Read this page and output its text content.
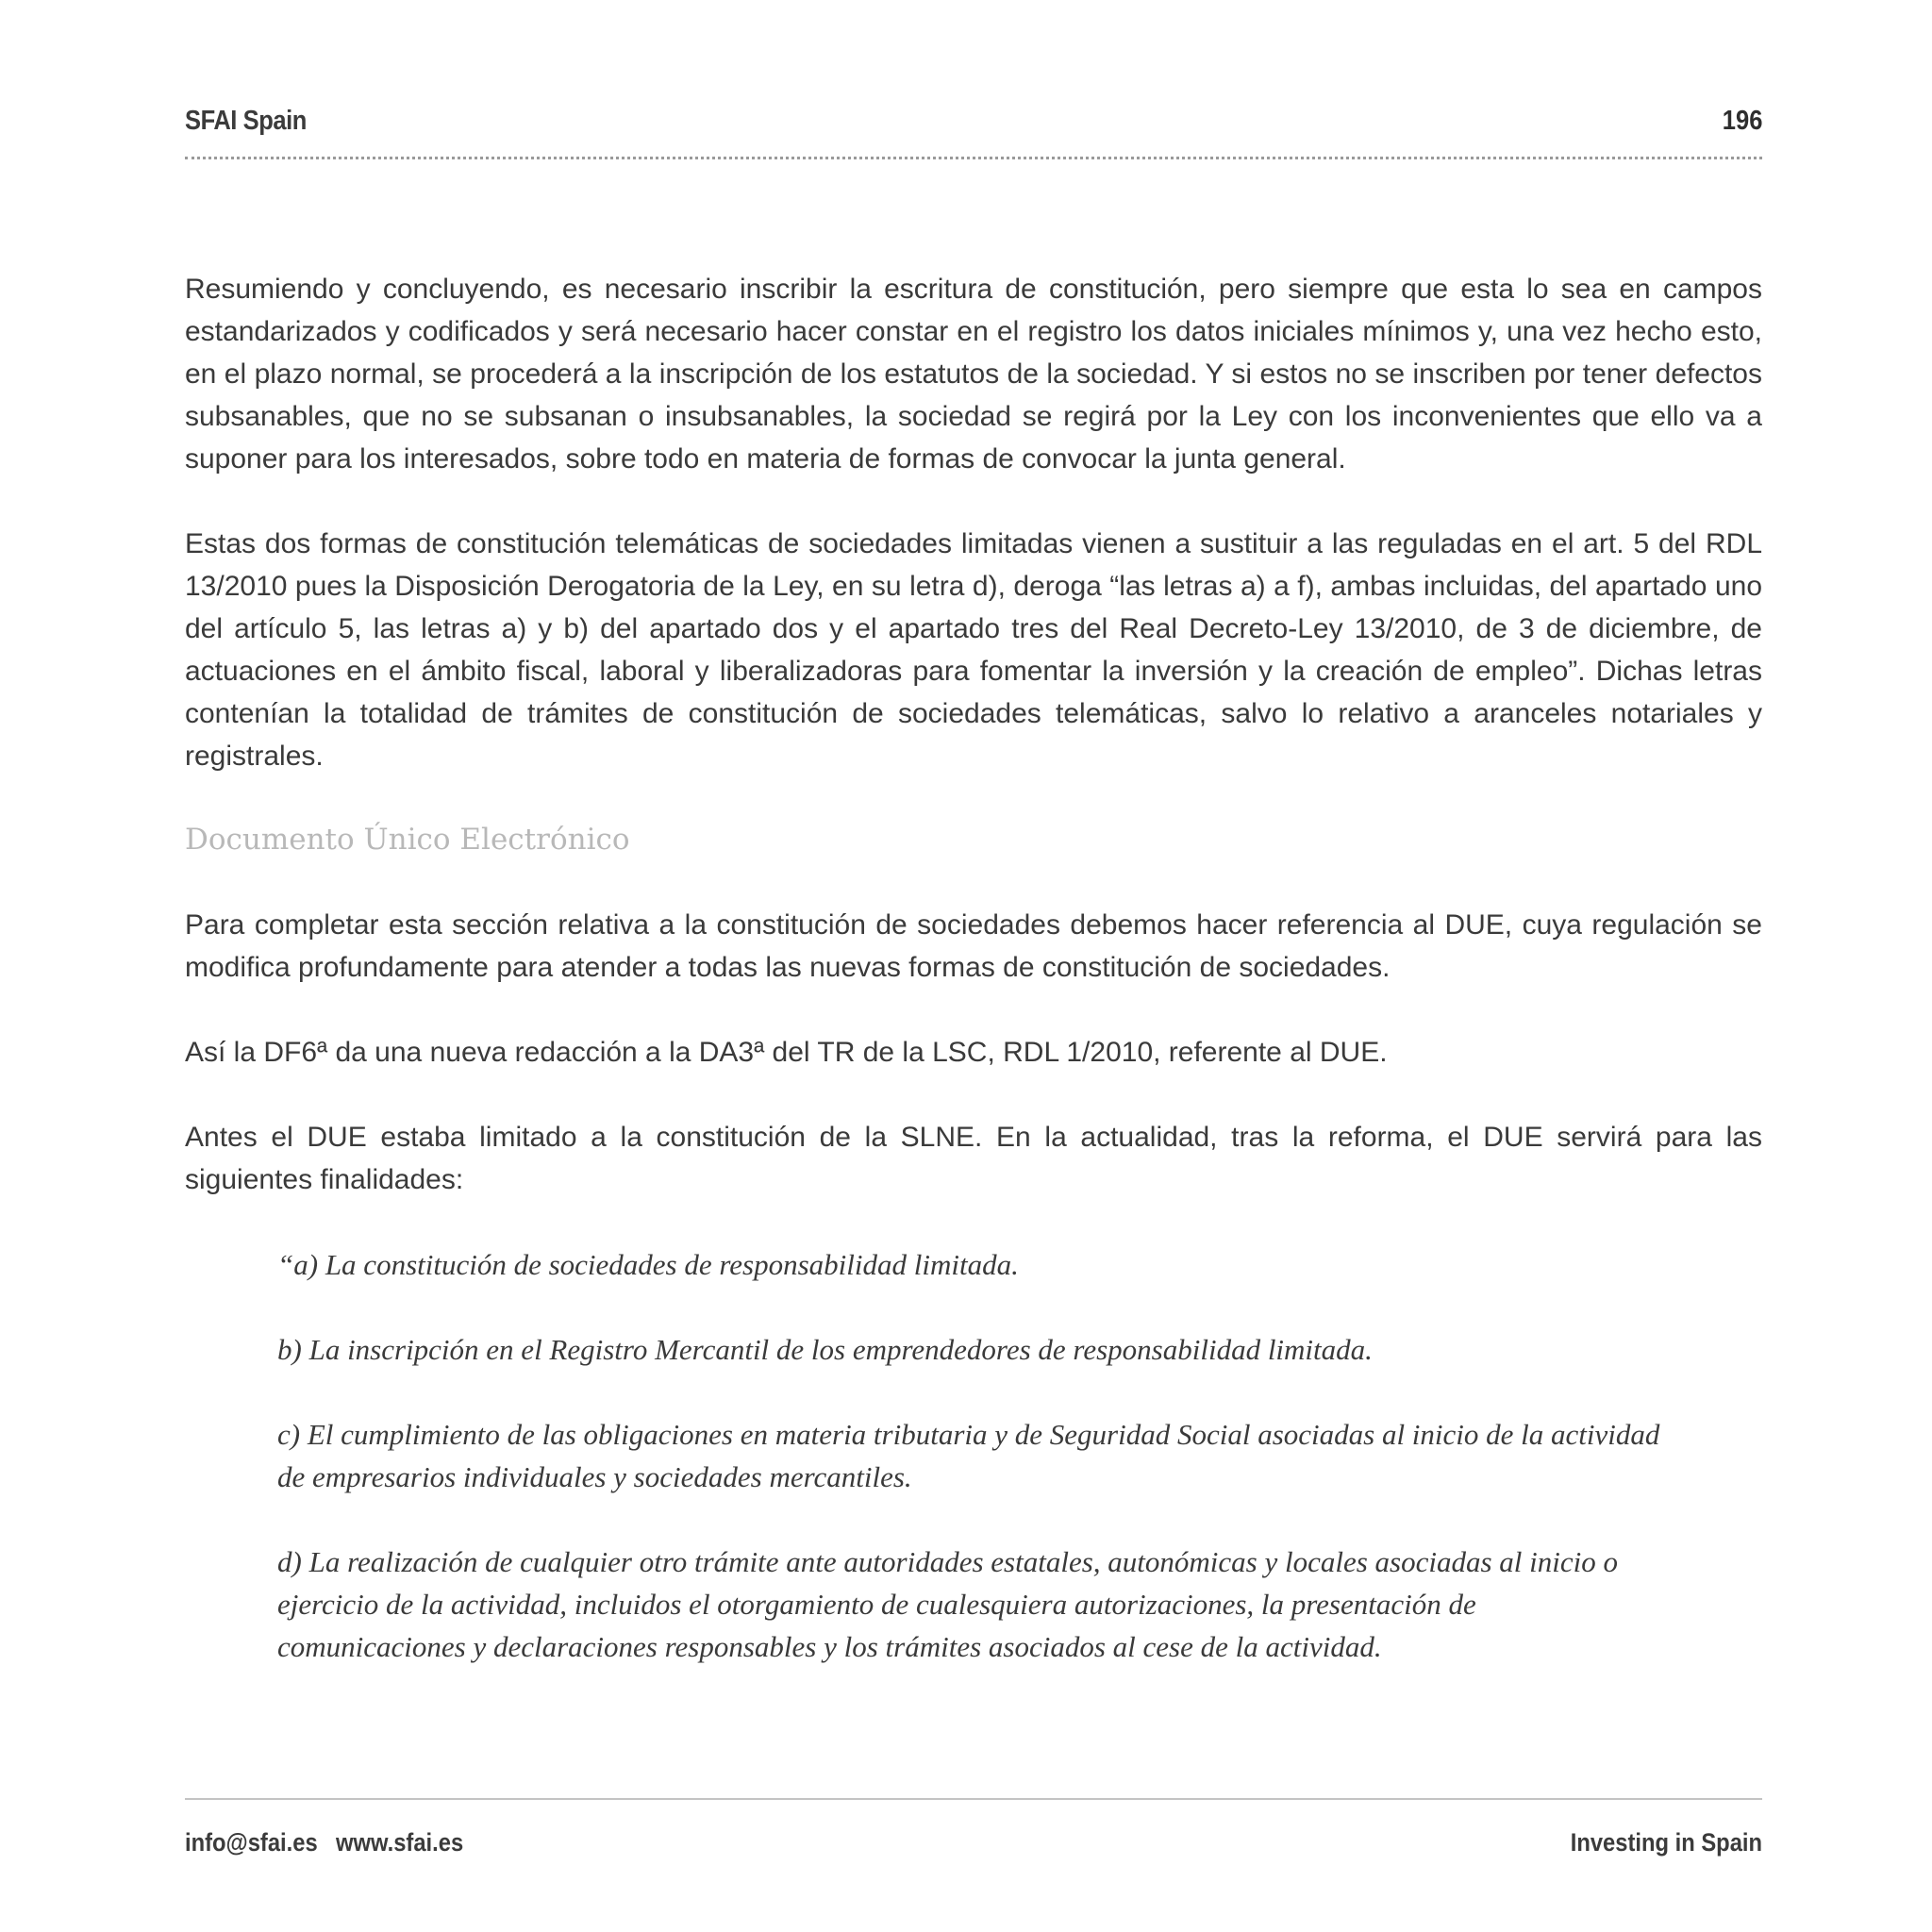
SFAI Spain	196

Resumiendo y concluyendo, es necesario inscribir la escritura de constitución, pero siempre que esta lo sea en campos estandarizados y codificados y será necesario hacer constar en el registro los datos iniciales mínimos y, una vez hecho esto, en el plazo normal, se procederá a la inscripción de los estatutos de la sociedad. Y si estos no se inscriben por tener defectos subsanables, que no se subsanan o insubsanables, la sociedad se regirá por la Ley con los inconvenientes que ello va a suponer para los interesados, sobre todo en materia de formas de convocar la junta general.

Estas dos formas de constitución telemáticas de sociedades limitadas vienen a sustituir a las reguladas en el art. 5 del RDL 13/2010 pues la Disposición Derogatoria de la Ley, en su letra d), deroga “las letras a) a f), ambas incluidas, del apartado uno del artículo 5, las letras a) y b) del apartado dos y el apartado tres del Real Decreto-Ley 13/2010, de 3 de diciembre, de actuaciones en el ámbito fiscal, laboral y liberalizadoras para fomentar la inversión y la creación de empleo”. Dichas letras contenían la totalidad de trámites de constitución de sociedades telemáticas, salvo lo relativo a aranceles notariales y registrales.

Documento Único Electrónico

Para completar esta sección relativa a la constitución de sociedades debemos hacer referencia al DUE, cuya regulación se modifica profundamente para atender a todas las nuevas formas de constitución de sociedades.

Así la DF6ª da una nueva redacción a la DA3ª del TR de la LSC, RDL 1/2010, referente al DUE.

Antes el DUE estaba limitado a la constitución de la SLNE. En la actualidad, tras la reforma, el DUE servirá para las siguientes finalidades:

“a) La constitución de sociedades de responsabilidad limitada.

b) La inscripción en el Registro Mercantil de los emprendedores de responsabilidad limitada.

c) El cumplimiento de las obligaciones en materia tributaria y de Seguridad Social asociadas al inicio de la actividad de empresarios individuales y sociedades mercantiles.

d) La realización de cualquier otro trámite ante autoridades estatales, autonómicas y locales asociadas al inicio o ejercicio de la actividad, incluidos el otorgamiento de cualesquiera autorizaciones, la presentación de comunicaciones y declaraciones responsables y los trámites asociados al cese de la actividad.

info@sfai.es www.sfai.es	Investing in Spain
